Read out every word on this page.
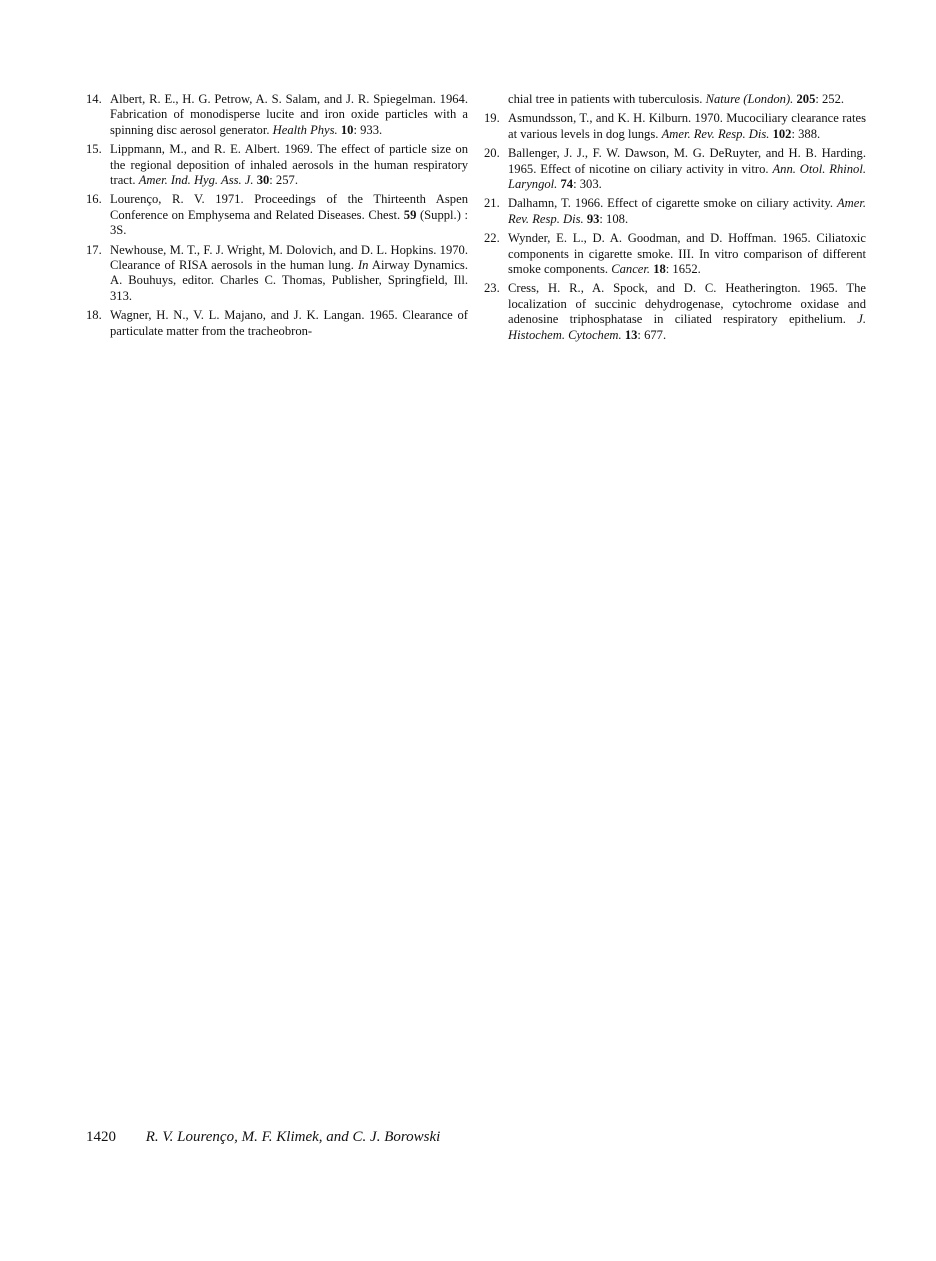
14. Albert, R. E., H. G. Petrow, A. S. Salam, and J. R. Spiegelman. 1964. Fabrication of monodisperse lucite and iron oxide particles with a spinning disc aerosol generator. Health Phys. 10: 933.
15. Lippmann, M., and R. E. Albert. 1969. The effect of particle size on the regional deposition of inhaled aerosols in the human respiratory tract. Amer. Ind. Hyg. Ass. J. 30: 257.
16. Lourenço, R. V. 1971. Proceedings of the Thirteenth Aspen Conference on Emphysema and Related Diseases. Chest. 59 (Suppl.) : 3S.
17. Newhouse, M. T., F. J. Wright, M. Dolovich, and D. L. Hopkins. 1970. Clearance of RISA aerosols in the human lung. In Airway Dynamics. A. Bouhuys, editor. Charles C. Thomas, Publisher, Springfield, Ill. 313.
18. Wagner, H. N., V. L. Majano, and J. K. Langan. 1965. Clearance of particulate matter from the tracheobron-
chial tree in patients with tuberculosis. Nature (London). 205: 252.
19. Asmundsson, T., and K. H. Kilburn. 1970. Mucociliary clearance rates at various levels in dog lungs. Amer. Rev. Resp. Dis. 102: 388.
20. Ballenger, J. J., F. W. Dawson, M. G. DeRuyter, and H. B. Harding. 1965. Effect of nicotine on ciliary activity in vitro. Ann. Otol. Rhinol. Laryngol. 74: 303.
21. Dalhamn, T. 1966. Effect of cigarette smoke on ciliary activity. Amer. Rev. Resp. Dis. 93: 108.
22. Wynder, E. L., D. A. Goodman, and D. Hoffman. 1965. Ciliatoxic components in cigarette smoke. III. In vitro comparison of different smoke components. Cancer. 18: 1652.
23. Cress, H. R., A. Spock, and D. C. Heatherington. 1965. The localization of succinic dehydrogenase, cytochrome oxidase and adenosine triphosphatase in ciliated respiratory epithelium. J. Histochem. Cytochem. 13: 677.
1420 R. V. Lourenço, M. F. Klimek, and C. J. Borowski
